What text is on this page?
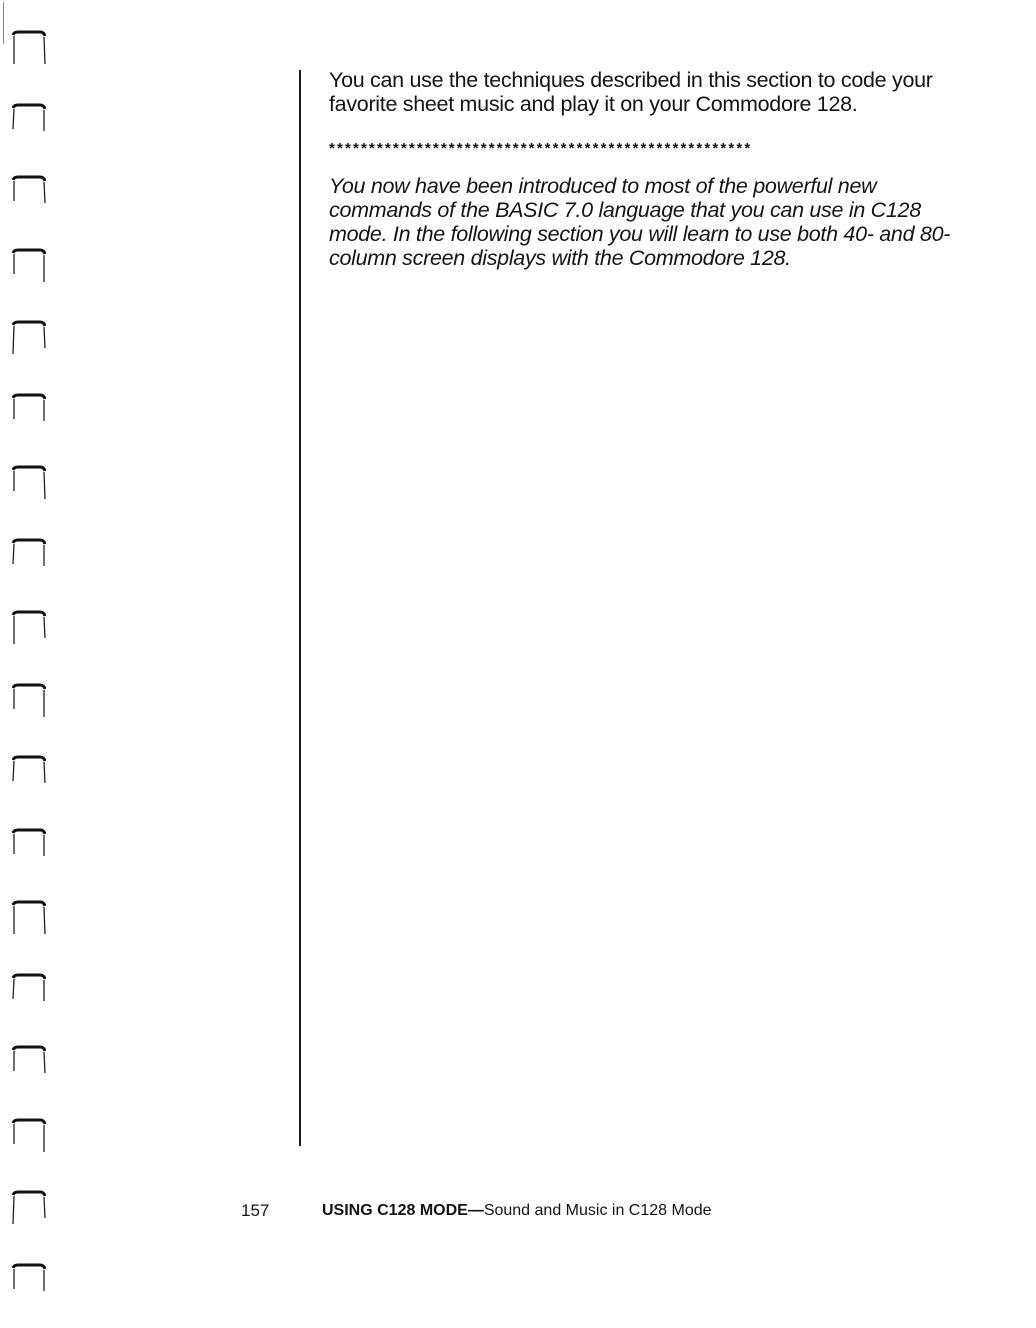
You can use the techniques described in this section to code your favorite sheet music and play it on your Commodore 128.

*****************************************************

You now have been introduced to most of the powerful new commands of the BASIC 7.0 language that you can use in C128 mode. In the following section you will learn to use both 40- and 80-column screen displays with the Commodore 128.

157	USING C128 MODE—Sound and Music in C128 Mode
